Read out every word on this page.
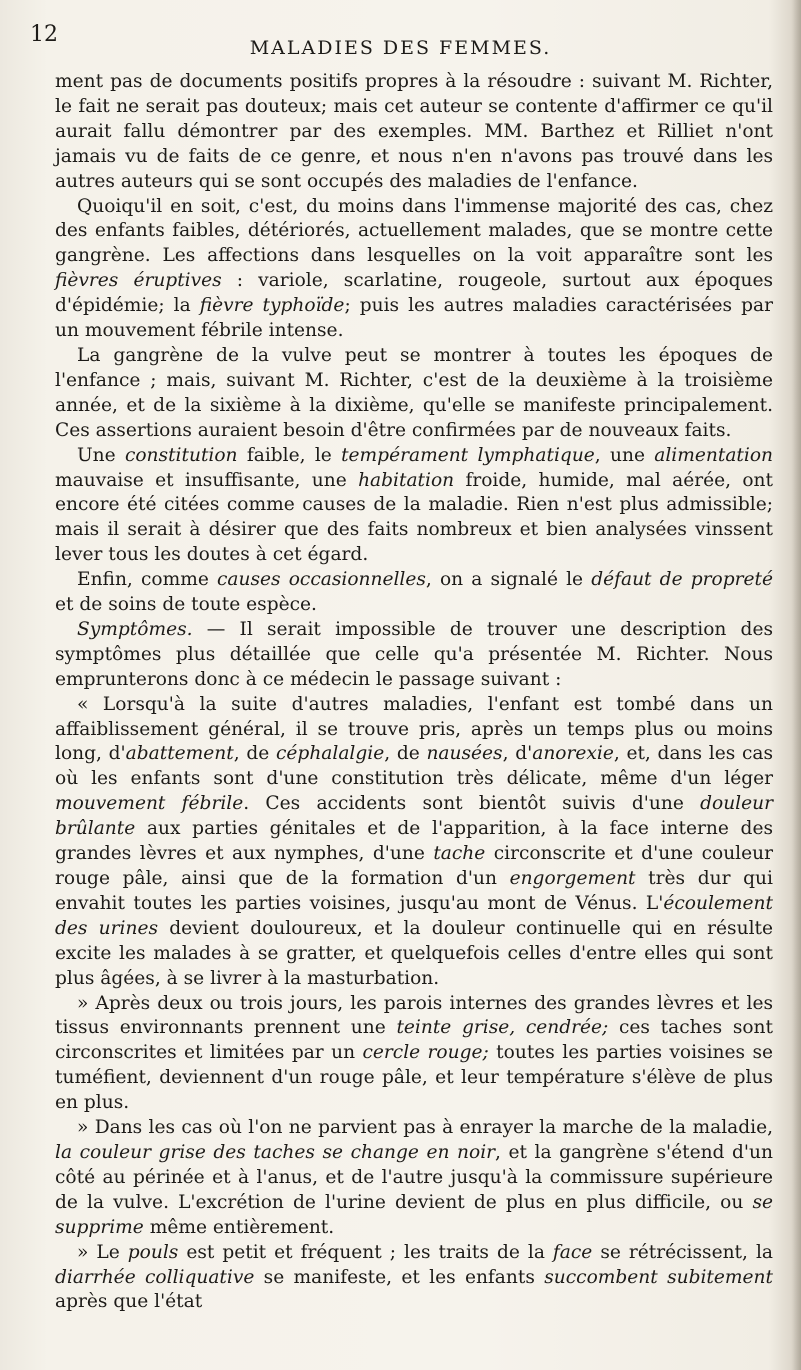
12
MALADIES DES FEMMES.

ment pas de documents positifs propres à la résoudre : suivant M. Richter, le fait ne serait pas douteux; mais cet auteur se contente d'affirmer ce qu'il aurait fallu démontrer par des exemples. MM. Barthez et Rilliet n'ont jamais vu de faits de ce genre, et nous n'en n'avons pas trouvé dans les autres auteurs qui se sont occupés des maladies de l'enfance.

Quoiqu'il en soit, c'est, du moins dans l'immense majorité des cas, chez des enfants faibles, détériorés, actuellement malades, que se montre cette gangrène. Les affections dans lesquelles on la voit apparaître sont les fièvres éruptives : variole, scarlatine, rougeole, surtout aux époques d'épidémie; la fièvre typhoïde; puis les autres maladies caractérisées par un mouvement fébrile intense.

La gangrène de la vulve peut se montrer à toutes les époques de l'enfance ; mais, suivant M. Richter, c'est de la deuxième à la troisième année, et de la sixième à la dixième, qu'elle se manifeste principalement. Ces assertions auraient besoin d'être confirmées par de nouveaux faits.

Une constitution faible, le tempérament lymphatique, une alimentation mauvaise et insuffisante, une habitation froide, humide, mal aérée, ont encore été citées comme causes de la maladie. Rien n'est plus admissible; mais il serait à désirer que des faits nombreux et bien analysées vinssent lever tous les doutes à cet égard.

Enfin, comme causes occasionnelles, on a signalé le défaut de propreté et de soins de toute espèce.

Symptômes. — Il serait impossible de trouver une description des symptômes plus détaillée que celle qu'a présentée M. Richter. Nous emprunterons donc à ce médecin le passage suivant :

« Lorsqu'à la suite d'autres maladies, l'enfant est tombé dans un affaiblissement général, il se trouve pris, après un temps plus ou moins long, d'abattement, de céphalalgie, de nausées, d'anorexie, et, dans les cas où les enfants sont d'une constitution très délicate, même d'un léger mouvement fébrile. Ces accidents sont bientôt suivis d'une douleur brûlante aux parties génitales et de l'apparition, à la face interne des grandes lèvres et aux nymphes, d'une tache circonscrite et d'une couleur rouge pâle, ainsi que de la formation d'un engorgement très dur qui envahit toutes les parties voisines, jusqu'au mont de Vénus. L'écoulement des urines devient douloureux, et la douleur continuelle qui en résulte excite les malades à se gratter, et quelquefois celles d'entre elles qui sont plus âgées, à se livrer à la masturbation.

» Après deux ou trois jours, les parois internes des grandes lèvres et les tissus environnants prennent une teinte grise, cendrée; ces taches sont circonscrites et limitées par un cercle rouge; toutes les parties voisines se tuméfient, deviennent d'un rouge pâle, et leur température s'élève de plus en plus.

» Dans les cas où l'on ne parvient pas à enrayer la marche de la maladie, la couleur grise des taches se change en noir, et la gangrène s'étend d'un côté au périnée et à l'anus, et de l'autre jusqu'à la commissure supérieure de la vulve. L'excrétion de l'urine devient de plus en plus difficile, ou se supprime même entièrement.

» Le pouls est petit et fréquent ; les traits de la face se rétrécissent, la diarrhée colliquative se manifeste, et les enfants succombent subitement après que l'état
